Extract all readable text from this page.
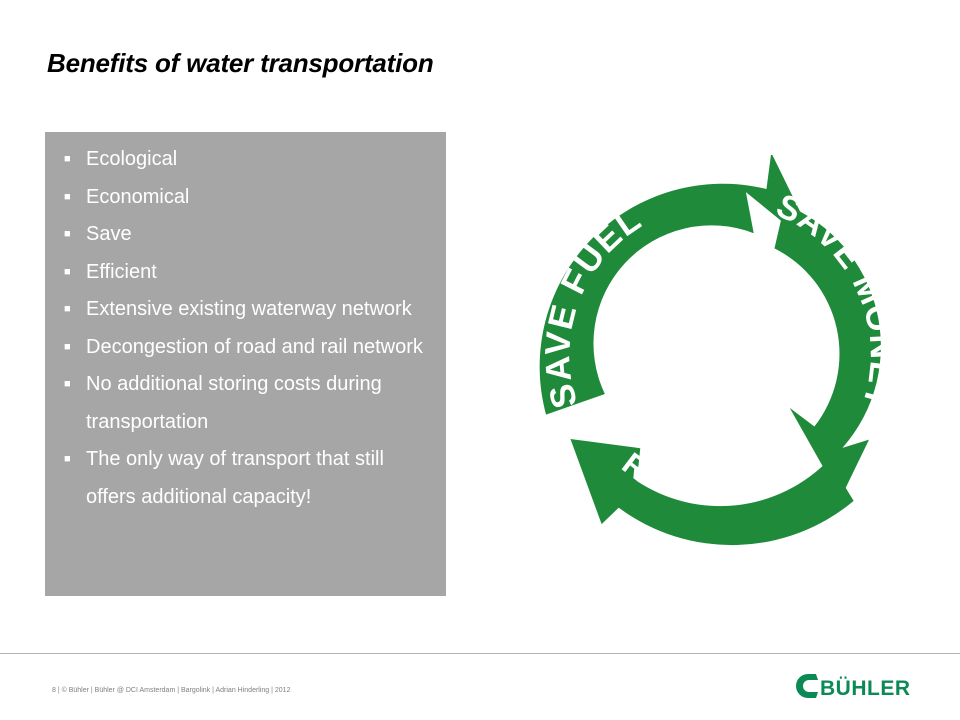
Benefits of water transportation
■ Ecological
■ Economical
■ Save
■ Efficient
■ Extensive existing waterway network
■ Decongestion of road and rail network
■ No additional storing costs during transportation
■ The only way of transport that still offers additional capacity!
SAVE FUEL	SAVE MONEY
REDUCE CO2
8 | © Bühler | Bühler @ DCI Amsterdam | Bargolink | Adrian Hinderling | 2012	BÜHLER
